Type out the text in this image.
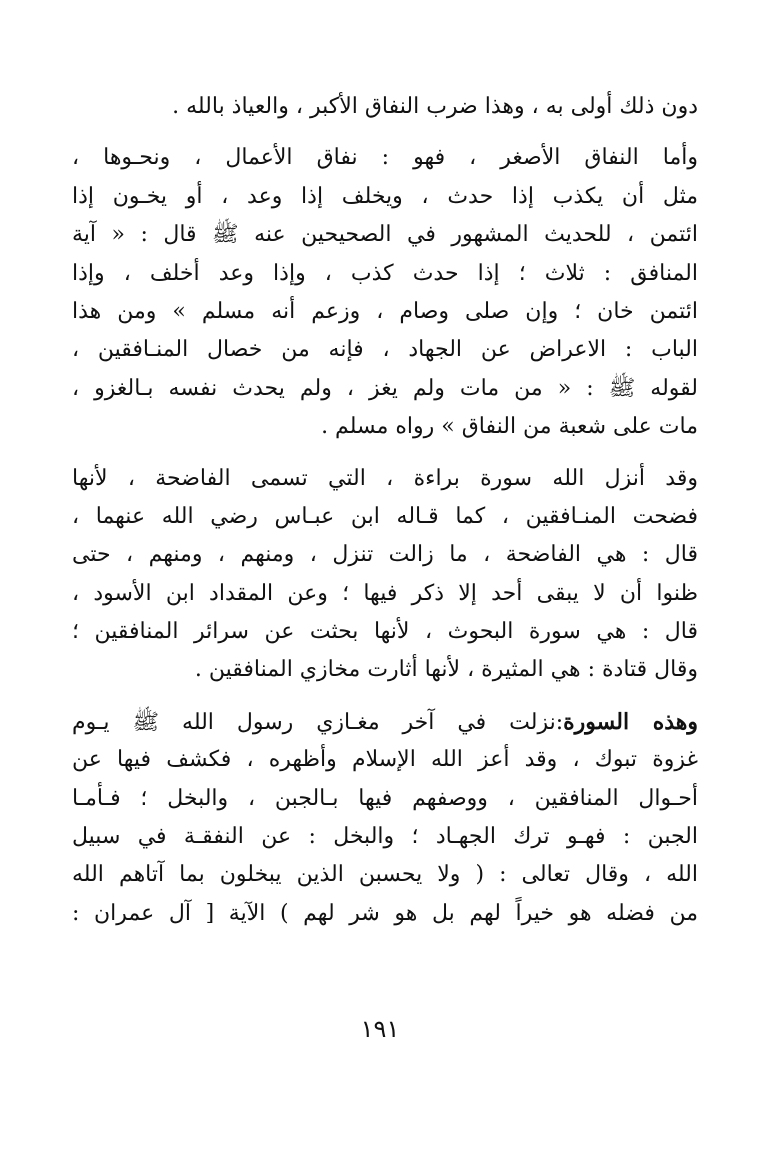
دون ذلك أولى به ، وهذا ضرب النفاق الأكبر ، والعياذ بالله .
وأما النفاق الأصغر ، فهو : نفاق الأعمال ، ونحـوها ،
مثل أن يكذب إذا حدث ، ويخلف إذا وعد ، أو يخـون إذا
ائتمن ، للحديث المشهور في الصحيحين عنه ﷺ قال : « آية
المنافق : ثلاث ؛ إذا حدث كذب ، وإذا وعد أخلف ، وإذا
ائتمن خان ؛ وإن صلى وصام ، وزعم أنه مسلم » ومن هذا
الباب : الاعراض عن الجهاد ، فإنه من خصال المنـافقين ،
لقوله ﷺ : « من مات ولم يغز ، ولم يحدث نفسه بـالغزو ،
مات على شعبة من النفاق » رواه مسلم .
وقد أنزل الله سورة براءة ، التي تسمى الفاضحة ، لأنها
فضحت المنـافقين ، كما قـاله ابن عبـاس رضي الله عنهما ،
قال : هي الفاضحة ، ما زالت تنزل ، ومنهم ، ومنهم ، حتى
ظنوا أن لا يبقى أحد إلا ذكر فيها ؛ وعن المقداد ابن الأسود ،
قال : هي سورة البحوث ، لأنها بحثت عن سرائر المنافقين ؛
وقال قتادة : هي المثيرة ، لأنها أثارت مخازي المنافقين .
وهذه السورة:نزلت في آخر مغـازي رسول الله ﷺ يـوم
غزوة تبوك ، وقد أعز الله الإسلام وأظهره ، فكشف فيها عن
أحـوال المنافقين ، ووصفهم فيها بـالجبن ، والبخل ؛ فـأمـا
الجبن : فهـو ترك الجهـاد ؛ والبخل : عن النفقـة في سبيل
الله ، وقال تعالى : ( ولا يحسبن الذين يبخلون بما آتاهم الله
من فضله هو خيراً لهم بل هو شر لهم ) الآية [ آل عمران :
١٩١
